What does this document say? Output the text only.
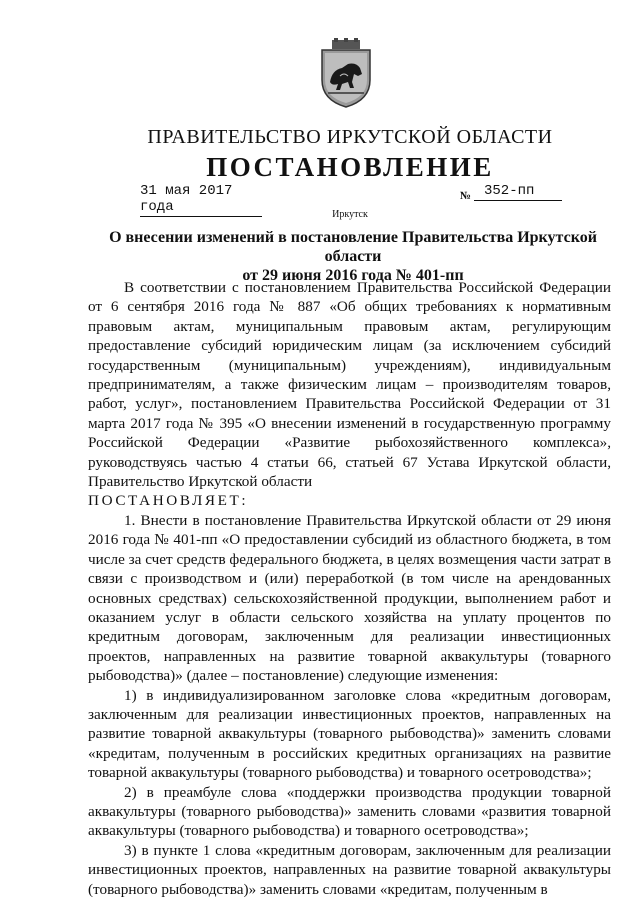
ПРАВИТЕЛЬСТВО ИРКУТСКОЙ ОБЛАСТИ
ПОСТАНОВЛЕНИЕ
31 мая 2017 года
№ 352-пп
Иркутск
О внесении изменений в постановление Правительства Иркутской области
от 29 июня 2016 года № 401-пп

В соответствии с постановлением Правительства Российской Федерации от 6 сентября 2016 года № 887 «Об общих требованиях к нормативным правовым актам, муниципальным правовым актам, регулирующим предоставление субсидий юридическим лицам (за исключением субсидий государственным (муниципальным) учреждениям), индивидуальным предпринимателям, а также физическим лицам – производителям товаров, работ, услуг», постановлением Правительства Российской Федерации от 31 марта 2017 года № 395 «О внесении изменений в государственную программу Российской Федерации «Развитие рыбохозяйственного комплекса», руководствуясь частью 4 статьи 66, статьей 67 Устава Иркутской области, Правительство Иркутской области

ПОСТАНОВЛЯЕТ:

1. Внести в постановление Правительства Иркутской области от 29 июня 2016 года № 401-пп «О предоставлении субсидий из областного бюджета, в том числе за счет средств федерального бюджета, в целях возмещения части затрат в связи с производством и (или) переработкой (в том числе на арендованных основных средствах) сельскохозяйственной продукции, выполнением работ и оказанием услуг в области сельского хозяйства на уплату процентов по кредитным договорам, заключенным для реализации инвестиционных проектов, направленных на развитие товарной аквакультуры (товарного рыбоводства)» (далее – постановление) следующие изменения:

1) в индивидуализированном заголовке слова «кредитным договорам, заключенным для реализации инвестиционных проектов, направленных на развитие товарной аквакультуры (товарного рыбоводства)» заменить словами «кредитам, полученным в российских кредитных организациях на развитие товарной аквакультуры (товарного рыбоводства) и товарного осетроводства»;

2) в преамбуле слова «поддержки производства продукции товарной аквакультуры (товарного рыбоводства)» заменить словами «развития товарной аквакультуры (товарного рыбоводства) и товарного осетроводства»;

3) в пункте 1 слова «кредитным договорам, заключенным для реализации инвестиционных проектов, направленных на развитие товарной аквакультуры (товарного рыбоводства)» заменить словами «кредитам, полученным в
